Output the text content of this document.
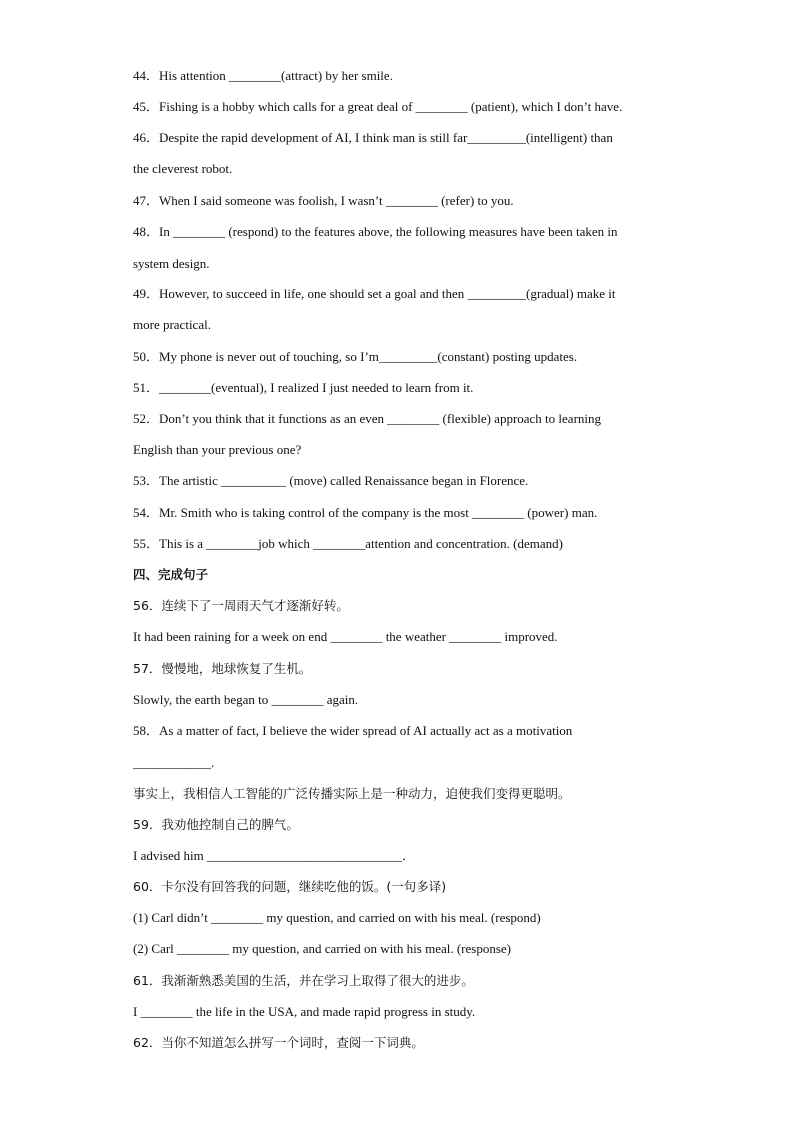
44．His attention ________(attract) by her smile.
45．Fishing is a hobby which calls for a great deal of ________ (patient), which I don’t have.
46．Despite the rapid development of AI, I think man is still far_________(intelligent) than
the cleverest robot.
47．When I said someone was foolish, I wasn’t ________ (refer) to you.
48．In ________ (respond) to the features above, the following measures have been taken in
system design.
49．However, to succeed in life, one should set a goal and then _________(gradual) make it
more practical.
50．My phone is never out of touching, so I’m_________(constant) posting updates.
51．________(eventual), I realized I just needed to learn from it.
52．Don’t you think that it functions as an even ________ (flexible) approach to learning
English than your previous one?
53．The artistic __________ (move) called Renaissance began in Florence.
54．Mr. Smith who is taking control of the company is the most ________ (power) man.
55．This is a ________job which ________attention and concentration. (demand)
四、完成句子
56．连续下了一周雨天气才逐渐好转。
It had been raining for a week on end ________ the weather ________ improved.
57．慢慢地，地球恢复了生机。
Slowly, the earth began to ________ again.
58．As a matter of fact, I believe the wider spread of AI actually act as a motivation
____________.
事实上，我相信人工智能的广泛传播实际上是一种动力，迫使我们变得更聪明。
59．我劝他控制自己的脾气。
I advised him ______________________________．
60．卡尔没有回答我的问题，继续吃他的饭。(一句多译)
(1) Carl didn’t ________ my question, and carried on with his meal. (respond)
(2) Carl ________ my question, and carried on with his meal. (response)
61．我渐渐熟悉美国的生活，并在学习上取得了很大的进步。
I ________ the life in the USA, and made rapid progress in study.
62．当你不知道怎么拼写一个词时，查阅一下词典。
